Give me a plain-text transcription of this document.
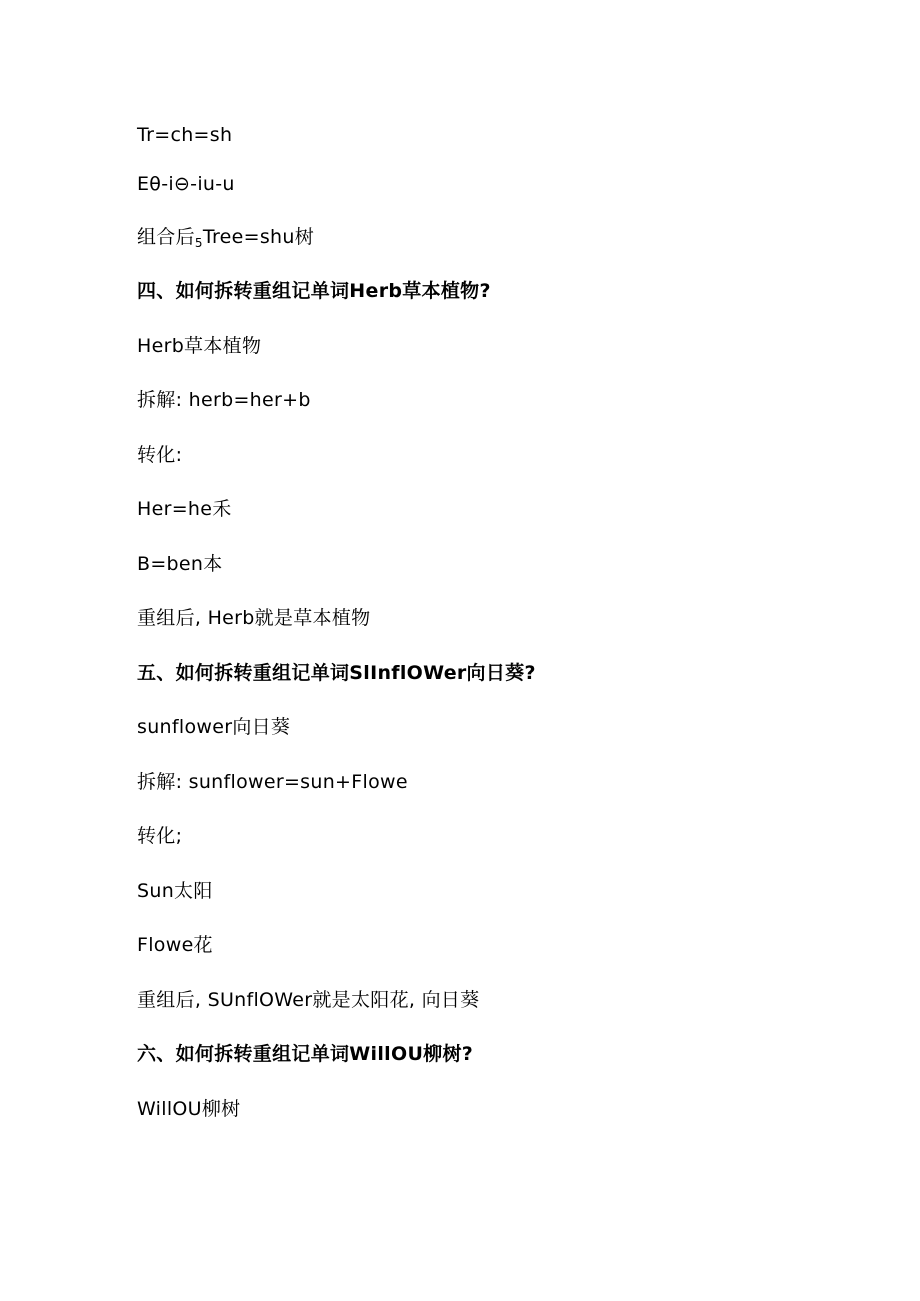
Tr=ch=sh
Eθ-i⊖-iu-u
组合后$_5$Tree=shu树
四、如何拆转重组记单词Herb草本植物?
Herb草本植物
拆解: herb=her+b
转化:
Her=he禾
B=ben本
重组后, Herb就是草本植物
五、如何拆转重组记单词SlInflOWer向日葵?
sunflower向日葵
拆解: sunflower=sun+Flowe
转化;
Sun太阳
Flowe花
重组后, SUnflOWer就是太阳花, 向日葵
六、如何拆转重组记单词WillOU柳树?
WillOU柳树
